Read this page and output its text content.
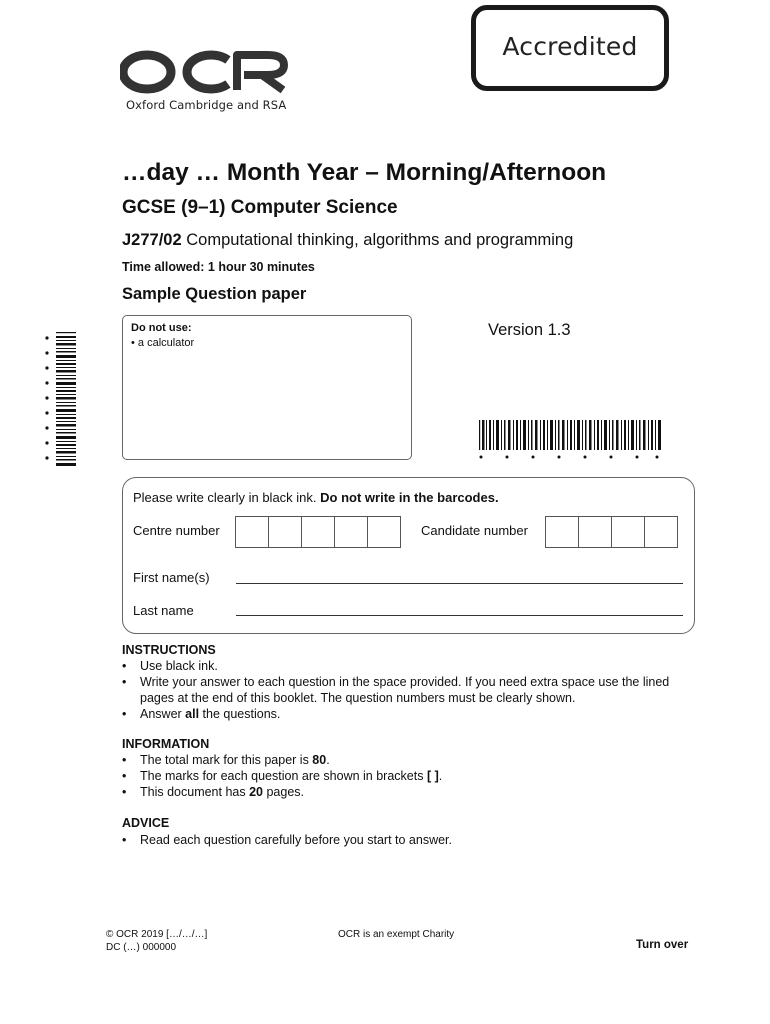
Accredited
Oxford Cambridge and RSA
…day … Month Year – Morning/Afternoon
GCSE (9–1) Computer Science
J277/02 Computational thinking, algorithms and programming
Time allowed: 1 hour 30 minutes
Sample Question paper
Do not use:
• a calculator
Version 1.3
Please write clearly in black ink. Do not write in the barcodes.
Centre number	Candidate number
First name(s)
Last name
INSTRUCTIONS
• Use black ink.
• Write your answer to each question in the space provided. If you need extra space use the lined pages at the end of this booklet. The question numbers must be clearly shown.
• Answer all the questions.
INFORMATION
• The total mark for this paper is 80.
• The marks for each question are shown in brackets [ ].
• This document has 20 pages.
ADVICE
• Read each question carefully before you start to answer.
© OCR 2019 […/…/…]
DC (…) 000000
OCR is an exempt Charity
Turn over
